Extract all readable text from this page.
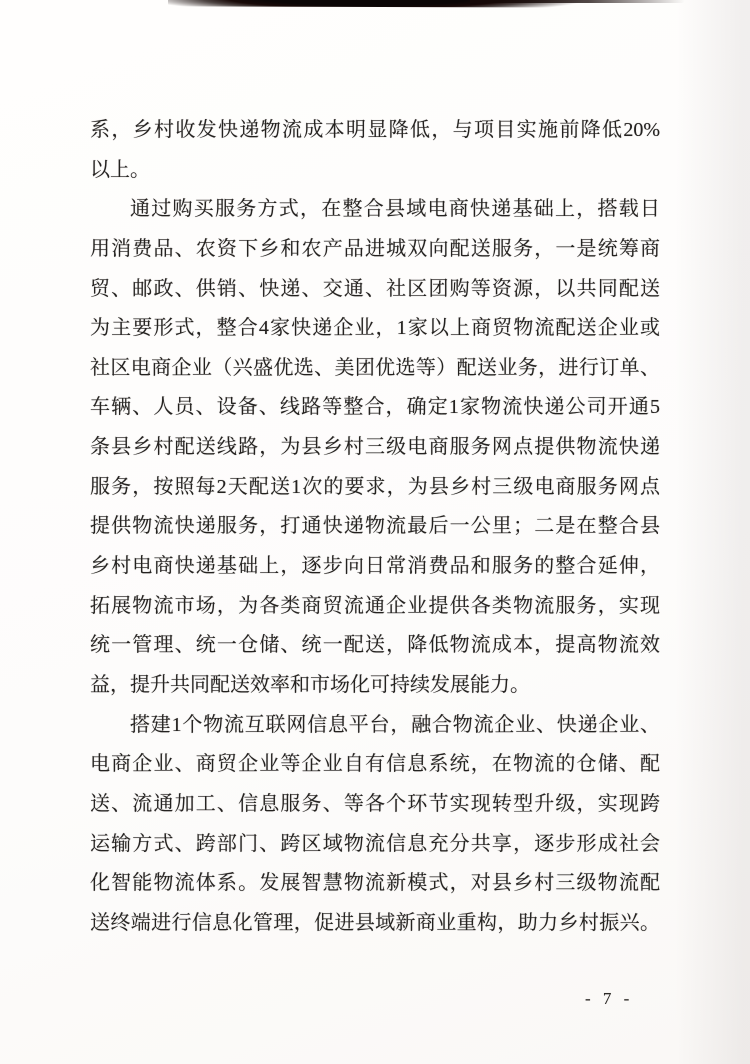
系，乡村收发快递物流成本明显降低，与项目实施前降低20%
以上。
通过购买服务方式，在整合县域电商快递基础上，搭载日
用消费品、农资下乡和农产品进城双向配送服务，一是统筹商
贸、邮政、供销、快递、交通、社区团购等资源，以共同配送
为主要形式，整合4家快递企业，1家以上商贸物流配送企业或
社区电商企业（兴盛优选、美团优选等）配送业务，进行订单、
车辆、人员、设备、线路等整合，确定1家物流快递公司开通5
条县乡村配送线路，为县乡村三级电商服务网点提供物流快递
服务，按照每2天配送1次的要求，为县乡村三级电商服务网点
提供物流快递服务，打通快递物流最后一公里；二是在整合县
乡村电商快递基础上，逐步向日常消费品和服务的整合延伸，
拓展物流市场，为各类商贸流通企业提供各类物流服务，实现
统一管理、统一仓储、统一配送，降低物流成本，提高物流效
益，提升共同配送效率和市场化可持续发展能力。
搭建1个物流互联网信息平台，融合物流企业、快递企业、
电商企业、商贸企业等企业自有信息系统，在物流的仓储、配
送、流通加工、信息服务、等各个环节实现转型升级，实现跨
运输方式、跨部门、跨区域物流信息充分共享，逐步形成社会
化智能物流体系。发展智慧物流新模式，对县乡村三级物流配
送终端进行信息化管理，促进县域新商业重构，助力乡村振兴。
- 7 -
